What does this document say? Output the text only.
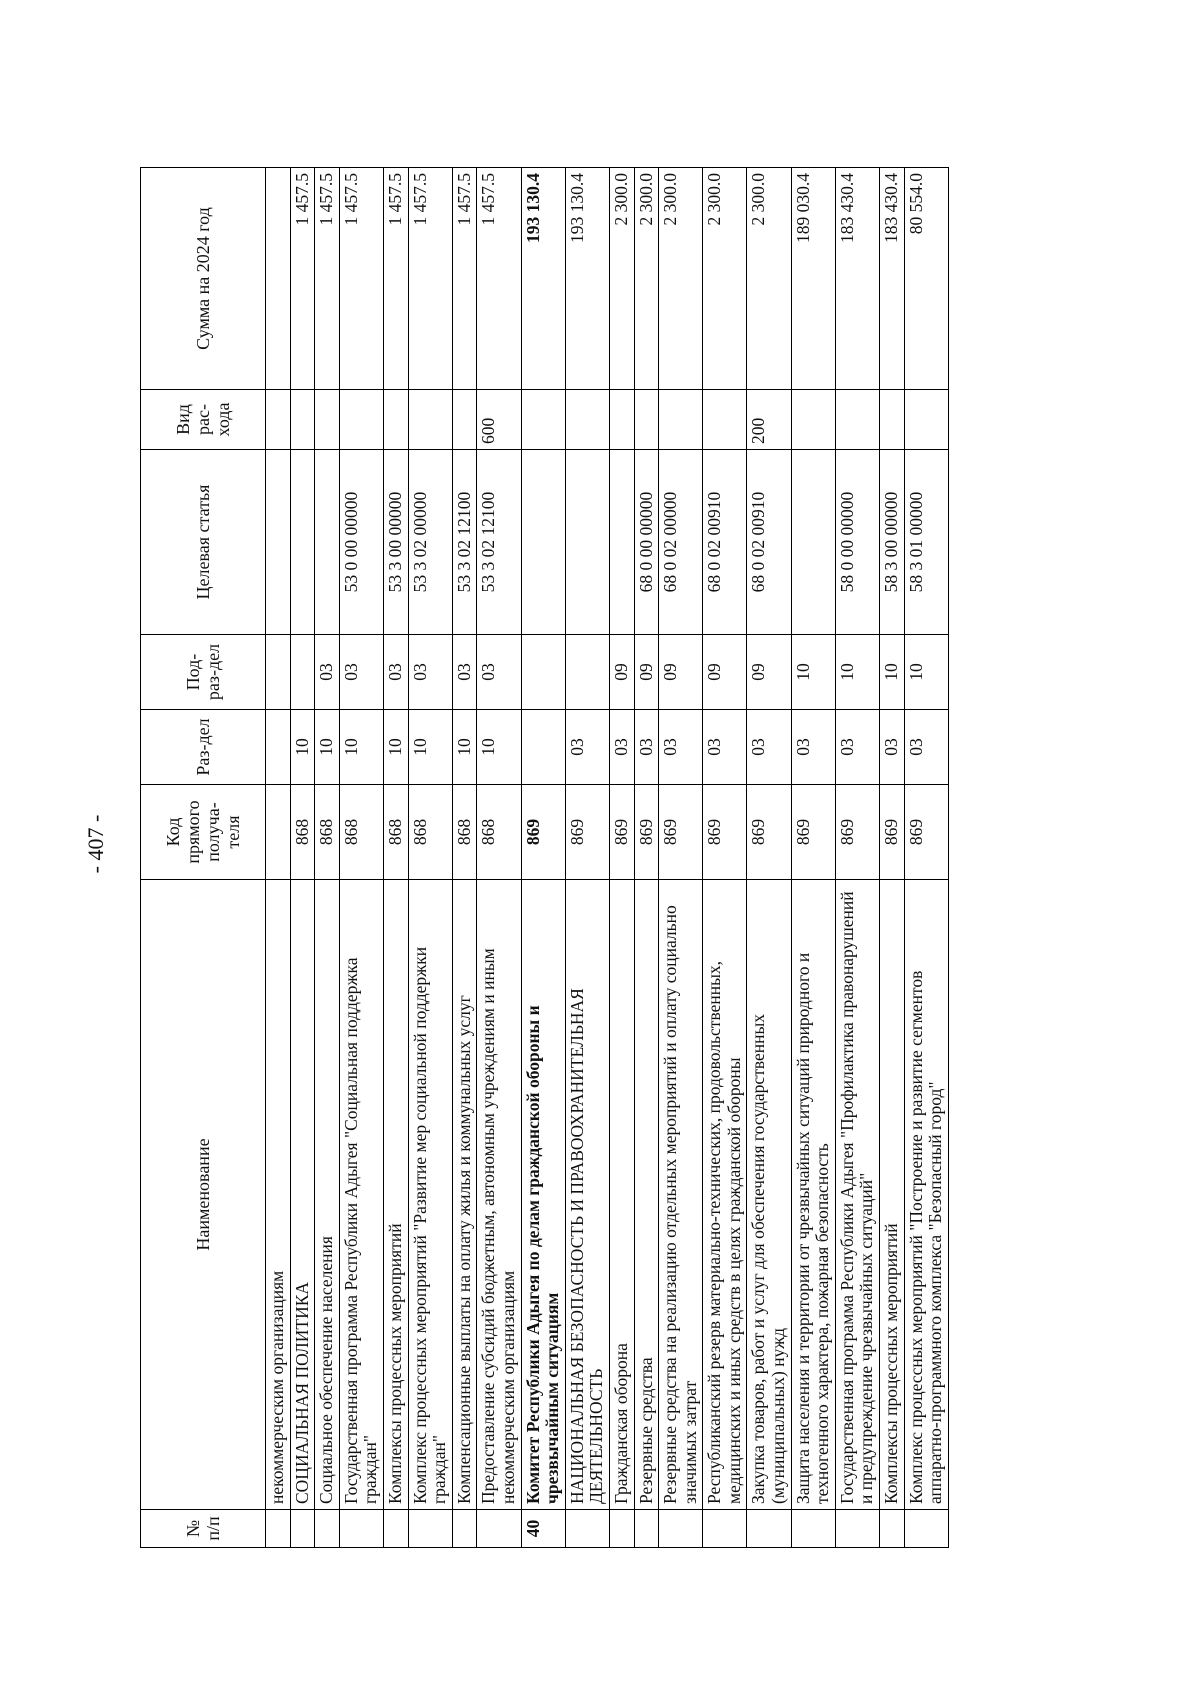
- 407 -
№ п/п	Наименование	Код прямого получа-теля	Раз-дел	Под-раз-дел	Целевая статья	Вид рас-хода	Сумма на 2024 год
	некоммерческим организациям						
	СОЦИАЛЬНАЯ ПОЛИТИКА	868	10				1 457.5
	Социальное обеспечение населения	868	10	03			1 457.5
	Государственная программа Республики Адыгея "Социальная поддержка граждан"	868	10	03	53 0 00 00000		1 457.5
	Комплексы процессных мероприятий	868	10	03	53 3 00 00000		1 457.5
	Комплекс процессных мероприятий "Развитие мер социальной поддержки граждан"	868	10	03	53 3 02 00000		1 457.5
	Компенсационные выплаты на оплату жилья и коммунальных услуг	868	10	03	53 3 02 12100		1 457.5
	Предоставление субсидий бюджетным, автономным учреждениям и иным некоммерческим организациям	868	10	03	53 3 02 12100	600	1 457.5
40	Комитет Республики Адыгея по делам гражданской обороны и чрезвычайным ситуациям	869					193 130.4
	НАЦИОНАЛЬНАЯ БЕЗОПАСНОСТЬ И ПРАВООХРАНИТЕЛЬНАЯ ДЕЯТЕЛЬНОСТЬ	869	03				193 130.4
	Гражданская оборона	869	03	09			2 300.0
	Резервные средства	869	03	09	68 0 00 00000		2 300.0
	Резервные средства на реализацию отдельных мероприятий и оплату социально значимых затрат	869	03	09	68 0 02 00000		2 300.0
	Республиканский резерв материально-технических, продовольственных, медицинских и иных средств в целях гражданской обороны	869	03	09	68 0 02 00910		2 300.0
	Закупка товаров, работ и услуг для обеспечения государственных (муниципальных) нужд	869	03	09	68 0 02 00910	200	2 300.0
	Защита населения и территории от чрезвычайных ситуаций природного и техногенного характера, пожарная безопасность	869	03	10			189 030.4
	Государственная программа Республики Адыгея "Профилактика правонарушений и предупреждение чрезвычайных ситуаций"	869	03	10	58 0 00 00000		183 430.4
	Комплексы процессных мероприятий	869	03	10	58 3 00 00000		183 430.4
	Комплекс процессных мероприятий "Построение и развитие сегментов аппаратно-программного комплекса "Безопасный город"	869	03	10	58 3 01 00000		80 554.0
